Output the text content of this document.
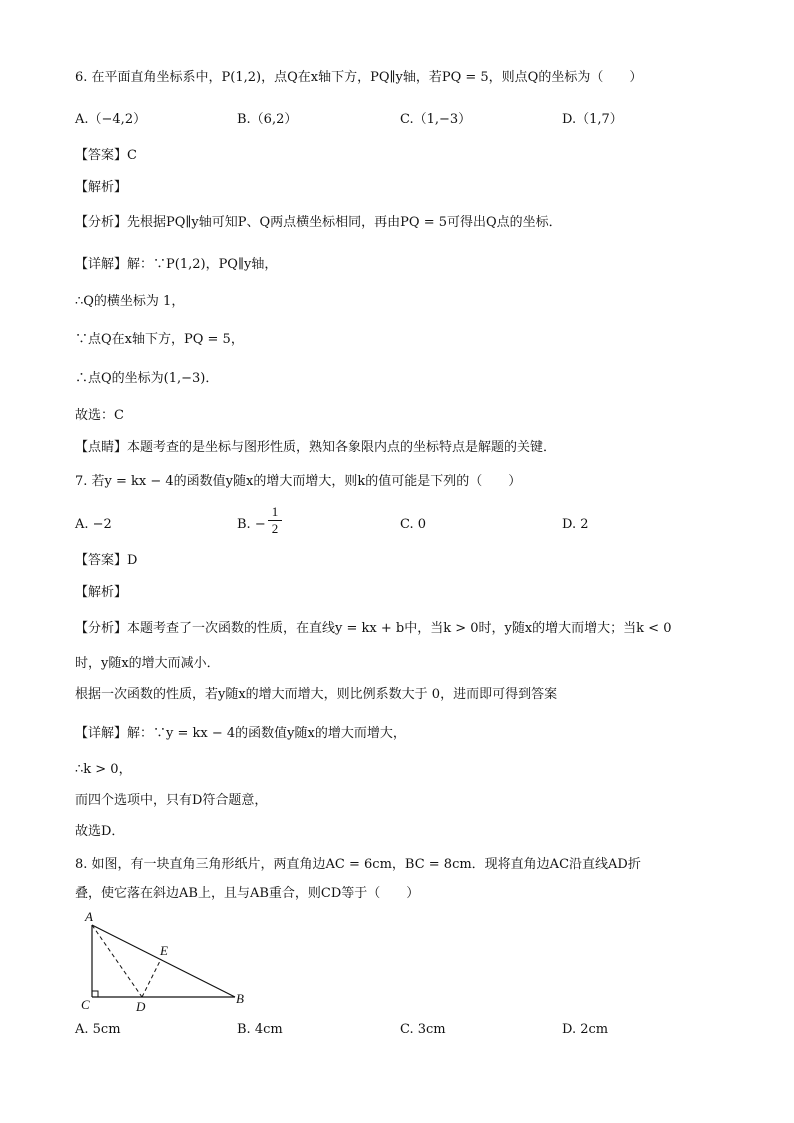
6. 在平面直角坐标系中，P(1,2)，点Q在x轴下方，PQ∥y轴，若PQ = 5，则点Q的坐标为（　　）
A.（−4,2）	B.（6,2）	C.（1,−3）	D.（1,7）
【答案】C
【解析】
【分析】先根据PQ∥y轴可知P、Q两点横坐标相同，再由PQ = 5可得出Q点的坐标．
【详解】解：∵P(1,2)，PQ∥y轴，
∴Q的横坐标为 1，
∵点Q在x轴下方，PQ = 5，
∴点Q的坐标为(1,−3)．
故选：C
【点睛】本题考查的是坐标与图形性质，熟知各象限内点的坐标特点是解题的关键．
7. 若y = kx − 4的函数值y随x的增大而增大，则k的值可能是下列的（　　）
A. −2	B. − $\frac{1}{2}$	C. 0	D. 2
【答案】D
【解析】
【分析】本题考查了一次函数的性质，在直线y = kx + b中，当k > 0时，y随x的增大而增大；当k < 0
时，y随x的增大而减小．
根据一次函数的性质，若y随x的增大而增大，则比例系数大于 0，进而即可得到答案
【详解】解：∵y = kx − 4的函数值y随x的增大而增大，
∴k > 0，
而四个选项中，只有D符合题意，
故选D．
8. 如图，有一块直角三角形纸片，两直角边AC = 6cm，BC = 8cm．现将直角边AC沿直线AD折
叠，使它落在斜边AB上，且与AB重合，则CD等于（　　）
A
C	B
D
E
A. 5cm	B. 4cm	C. 3cm	D. 2cm
